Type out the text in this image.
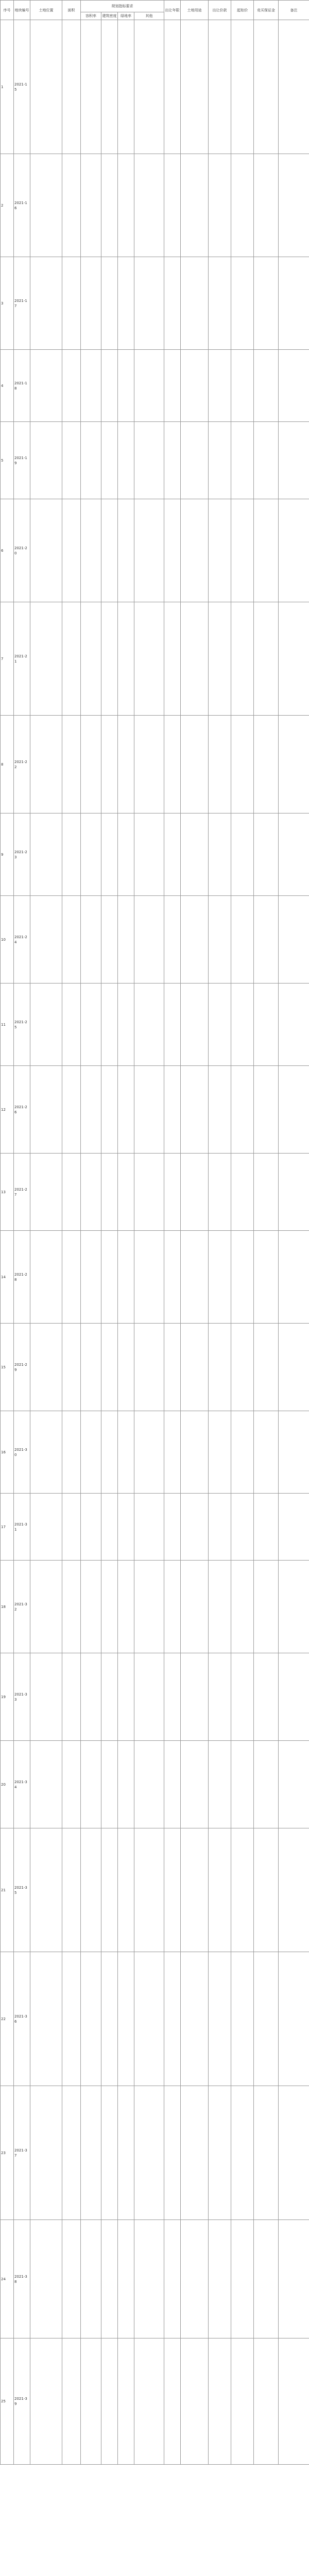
序号	地块编号	土地位置	面积	规划指标要求				出让年限	土地用途	出让价款	起始价	竞买保证金	备注
				容积率	建筑密度	绿地率	其他						
1	2021-15												
2	2021-16												
3	2021-17												
4	2021-18												
5	2021-19												
6	2021-20												
7	2021-21												
8	2021-22												
9	2021-23												
10	2021-24												
11	2021-25												
12	2021-26												
13	2021-27												
14	2021-28												
15	2021-29												
16	2021-30												
17	2021-31												
18	2021-32												
19	2021-33												
20	2021-34												
21	2021-35												
22	2021-36												
23	2021-37												
24	2021-38												
25	2021-39												
